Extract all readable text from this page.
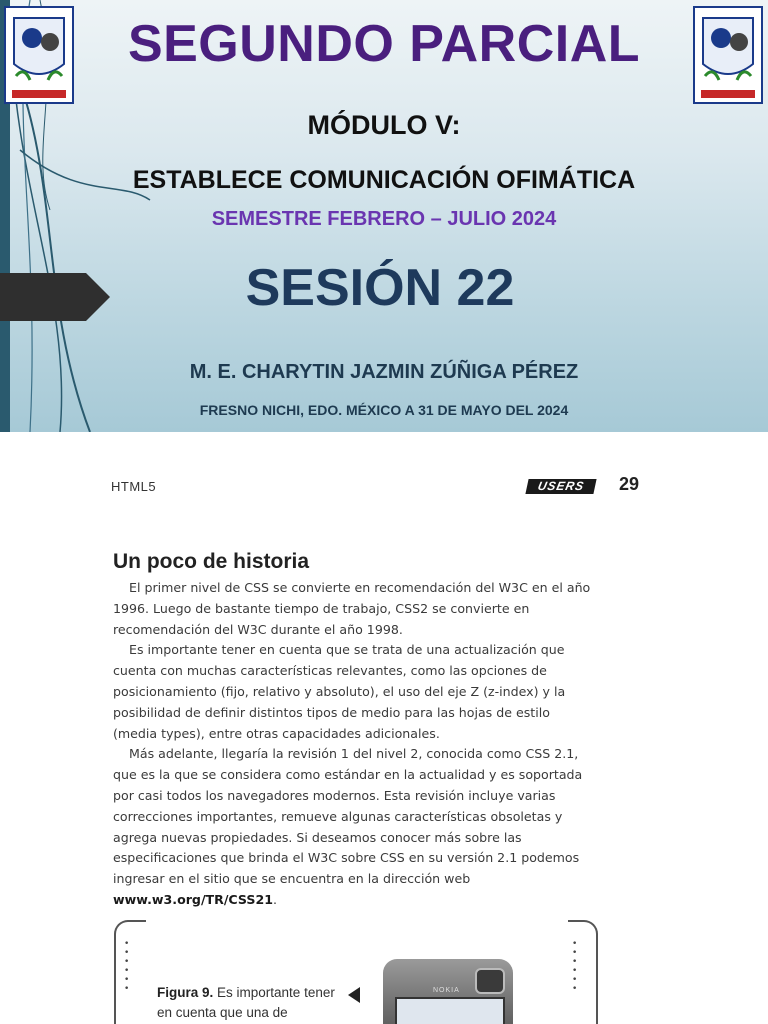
SEGUNDO PARCIAL
MÓDULO V:
ESTABLECE COMUNICACIÓN OFIMÁTICA
SEMESTRE FEBRERO – JULIO 2024
SESIÓN 22
M. E. CHARYTIN JAZMIN ZÚÑIGA PÉREZ
FRESNO NICHI, EDO. MÉXICO A 31 DE MAYO DEL 2024
HTML5	USERS	29
Un poco de historia

El primer nivel de CSS se convierte en recomendación del W3C en el año 1996. Luego de bastante tiempo de trabajo, CSS2 se convierte en recomendación del W3C durante el año 1998.

Es importante tener en cuenta que se trata de una actualización que cuenta con muchas características relevantes, como las opciones de posicionamiento (fijo, relativo y absoluto), el uso del eje Z (z-index) y la posibilidad de definir distintos tipos de medio para las hojas de estilo (media types), entre otras capacidades adicionales.

Más adelante, llegaría la revisión 1 del nivel 2, conocida como CSS 2.1, que es la que se considera como estándar en la actualidad y es soportada por casi todos los navegadores modernos. Esta revisión incluye varias correcciones importantes, remueve algunas características obsoletas y agrega nuevas propiedades. Si deseamos conocer más sobre las especificaciones que brinda el W3C sobre CSS en su versión 2.1 podemos ingresar en el sitio que se encuentra en la dirección web www.w3.org/TR/CSS21.

• •
• •
• •
• •
• •
• •
Figura 9. Es importante tener en cuenta que una de
NOKIA
